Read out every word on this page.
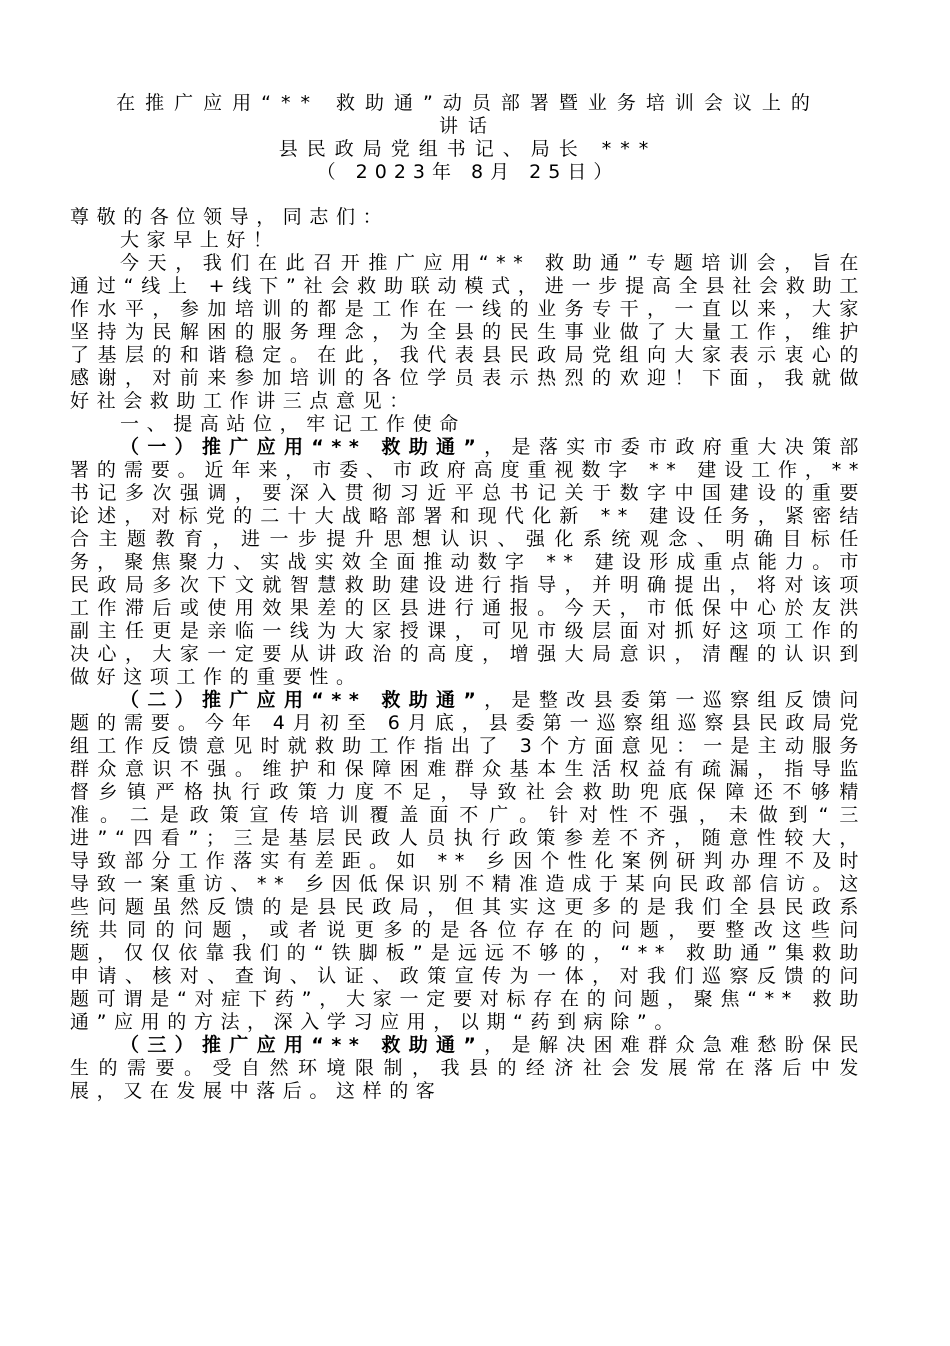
在推广应用“** 救助通”动员部署暨业务培训会议上的
讲话

县民政局党组书记、局长 ***

（ 2023年 8月 25日）

尊敬的各位领导，同志们：

大家早上好！

今天，我们在此召开推广应用“** 救助通”专题培训会，旨在通过“线上 +线下”社会救助联动模式，进一步提高全县社会救助工作水平，参加培训的都是工作在一线的业务专干，一直以来，大家坚持为民解困的服务理念，为全县的民生事业做了大量工作，维护了基层的和谐稳定。在此，我代表县民政局党组向大家表示衷心的感谢，对前来参加培训的各位学员表示热烈的欢迎！下面，我就做好社会救助工作讲三点意见：

一、提高站位，牢记工作使命

（一）推广应用“** 救助通”，是落实市委市政府重大决策部署的需要。近年来，市委、市政府高度重视数字 ** 建设工作，** 书记多次强调，要深入贯彻习近平总书记关于数字中国建设的重要论述，对标党的二十大战略部署和现代化新 ** 建设任务，紧密结合主题教育，进一步提升思想认识、强化系统观念、明确目标任务，聚焦聚力、实战实效全面推动数字 ** 建设形成重点能力。市民政局多次下文就智慧救助建设进行指导，并明确提出，将对该项工作滞后或使用效果差的区县进行通报。今天，市低保中心於友洪副主任更是亲临一线为大家授课，可见市级层面对抓好这项工作的决心，大家一定要从讲政治的高度，增强大局意识，清醒的认识到做好这项工作的重要性。

（二）推广应用“** 救助通”，是整改县委第一巡察组反馈问题的需要。今年 4月初至 6月底，县委第一巡察组巡察县民政局党组工作反馈意见时就救助工作指出了 3个方面意见：一是主动服务群众意识不强。维护和保障困难群众基本生活权益有疏漏，指导监督乡镇严格执行政策力度不足，导致社会救助兜底保障还不够精准。二是政策宣传培训覆盖面不广。针对性不强，未做到“三进”“四看”；三是基层民政人员执行政策参差不齐，随意性较大，导致部分工作落实有差距。如 ** 乡因个性化案例研判办理不及时导致一案重访、** 乡因低保识别不精准造成于某向民政部信访。这些问题虽然反馈的是县民政局，但其实这更多的是我们全县民政系统共同的问题，或者说更多的是各位存在的问题，要整改这些问题，仅仅依靠我们的“铁脚板”是远远不够的，“** 救助通”集救助申请、核对、查询、认证、政策宣传为一体，对我们巡察反馈的问题可谓是“对症下药”，大家一定要对标存在的问题，聚焦“** 救助通”应用的方法，深入学习应用，以期“药到病除”。

（三）推广应用“** 救助通”，是解决困难群众急难愁盼保民生的需要。受自然环境限制，我县的经济社会发展常在落后中发展，又在发展中落后。这样的客
